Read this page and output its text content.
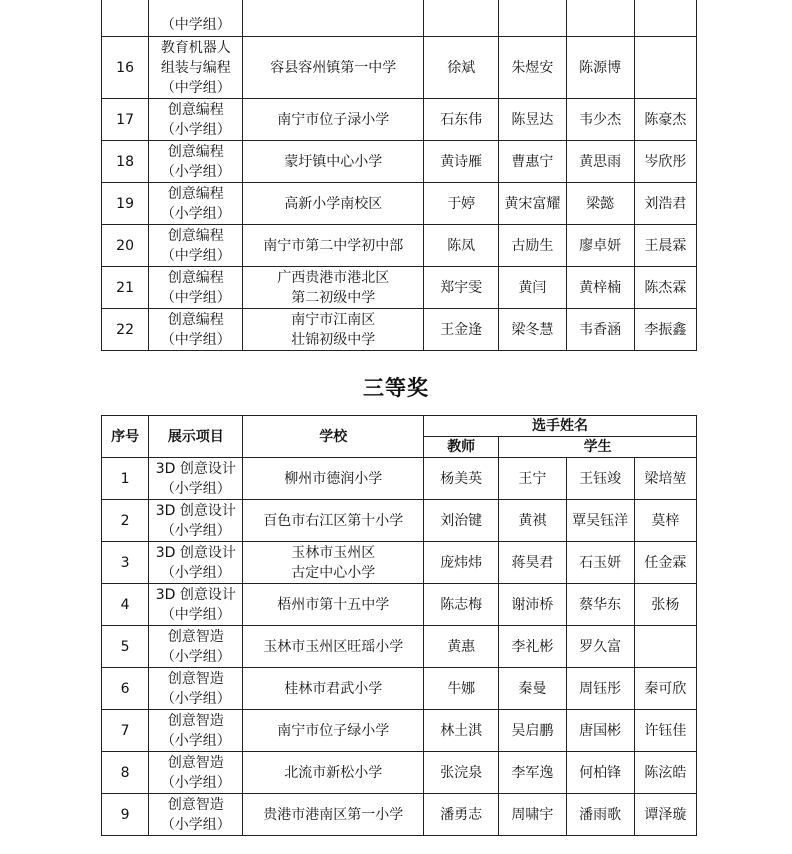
	（中学组）					
16	教育机器人
组装与编程
（中学组）	容县容州镇第一中学	徐斌	朱煜安	陈源博	
17	创意编程
（小学组）	南宁市位子渌小学	石东伟	陈昱达	韦少杰	陈豪杰
18	创意编程
（小学组）	蒙圩镇中心小学	黄诗雁	曹惠宁	黄思雨	岑欣彤
19	创意编程
（小学组）	高新小学南校区	于婷	黄宋富耀	梁懿	刘浩君
20	创意编程
（中学组）	南宁市第二中学初中部	陈凤	古励生	廖卓妍	王晨霖
21	创意编程
（中学组）	广西贵港市港北区
第二初级中学	郑宇雯	黄闫	黄梓楠	陈杰霖
22	创意编程
（中学组）	南宁市江南区
壮锦初级中学	王金逢	梁冬慧	韦香涵	李振鑫
三等奖
序号	展示项目	学校	选手姓名			
			教师	学生		
1	3D 创意设计
（小学组）	柳州市德润小学	杨美英	王宁	王钰竣	梁培堃
2	3D 创意设计
（小学组）	百色市右江区第十小学	刘治键	黄祺	覃吴钰洋	莫梓
3	3D 创意设计
（小学组）	玉林市玉州区
古定中心小学	庞炜炜	蒋昊君	石玉妍	任金霖
4	3D 创意设计
（中学组）	梧州市第十五中学	陈志梅	谢沛桥	蔡华东	张杨
5	创意智造
（小学组）	玉林市玉州区旺瑶小学	黄惠	李礼彬	罗久富	
6	创意智造
（小学组）	桂林市君武小学	牛娜	秦曼	周钰彤	秦可欣
7	创意智造
（小学组）	南宁市位子绿小学	林土淇	吴启鹏	唐国彬	许钰佳
8	创意智造
（小学组）	北流市新松小学	张浣泉	李军逸	何柏锋	陈泫皓
9	创意智造
（小学组）	贵港市港南区第一小学	潘勇志	周啸宇	潘雨歌	谭泽璇
